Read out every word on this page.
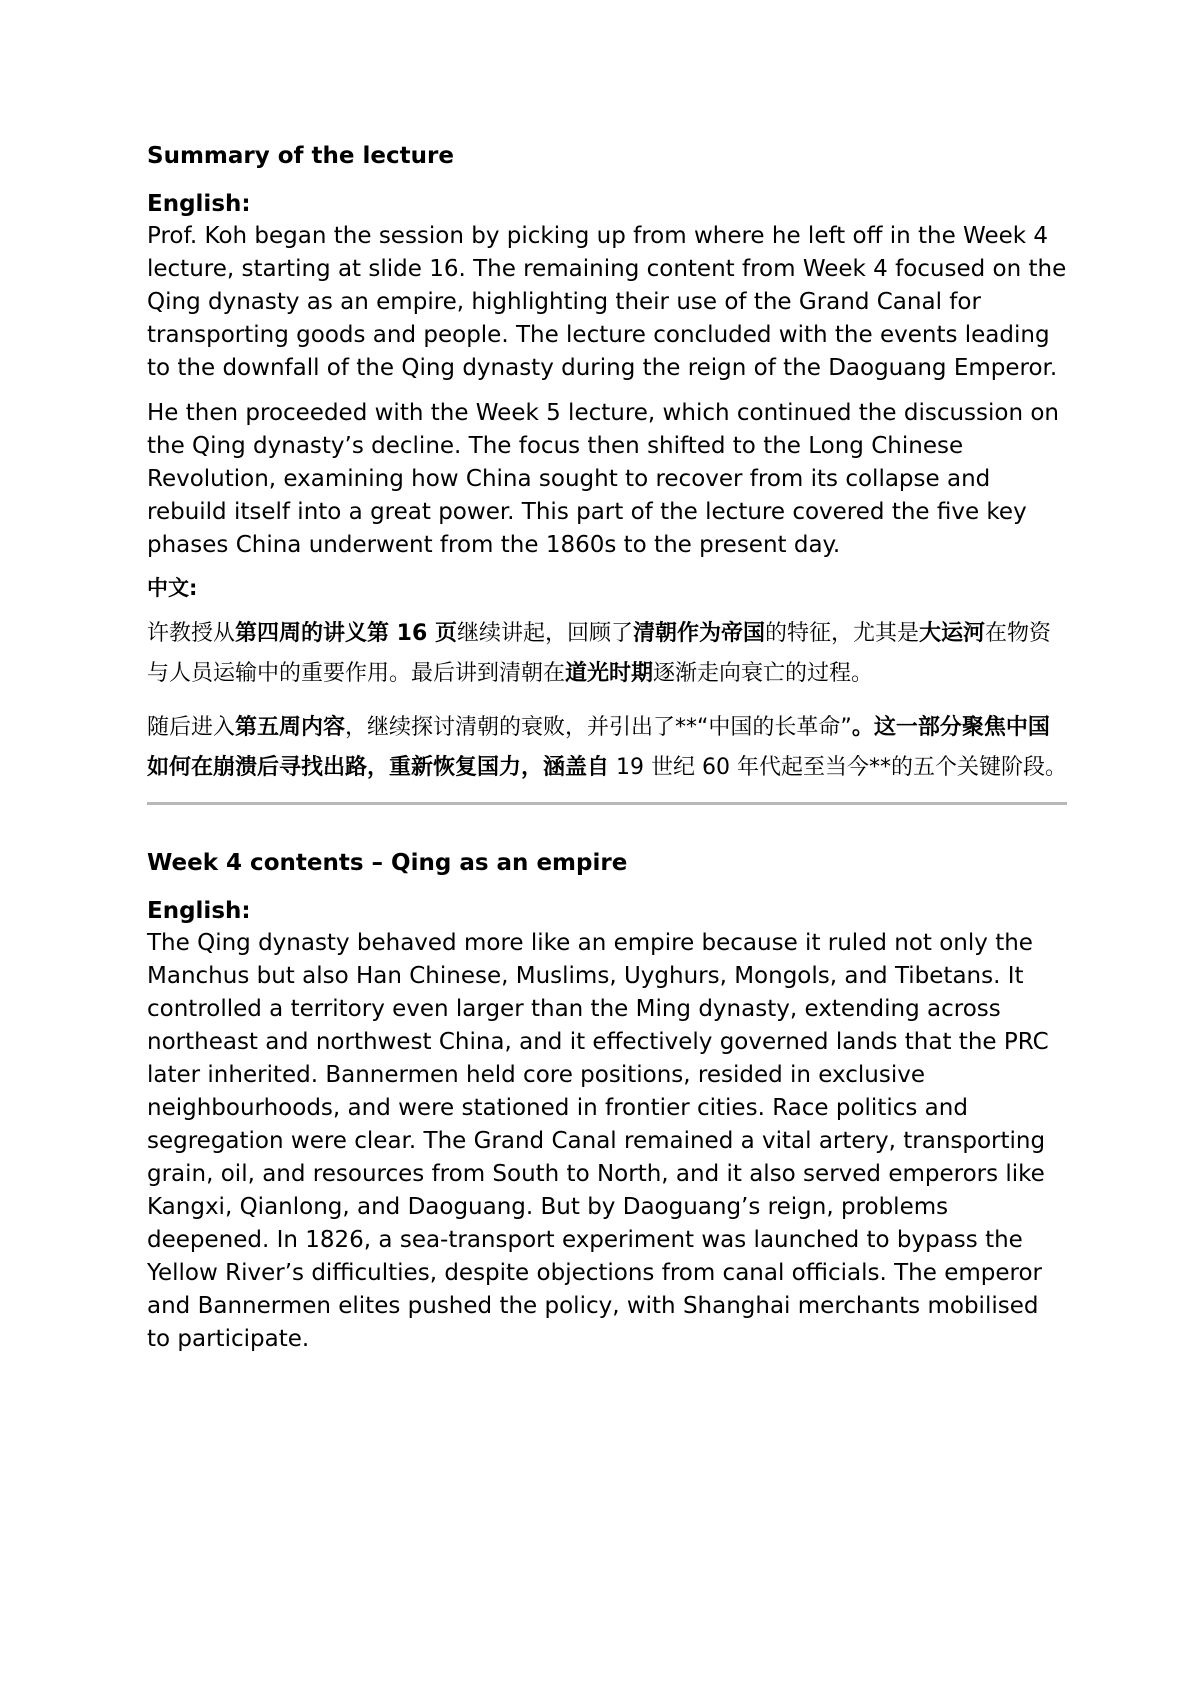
Summary of the lecture

English:

Prof. Koh began the session by picking up from where he left off in the Week 4 lecture, starting at slide 16. The remaining content from Week 4 focused on the Qing dynasty as an empire, highlighting their use of the Grand Canal for transporting goods and people. The lecture concluded with the events leading to the downfall of the Qing dynasty during the reign of the Daoguang Emperor.

He then proceeded with the Week 5 lecture, which continued the discussion on the Qing dynasty’s decline. The focus then shifted to the Long Chinese Revolution, examining how China sought to recover from its collapse and rebuild itself into a great power. This part of the lecture covered the five key phases China underwent from the 1860s to the present day.

中文:

许教授从第四周的讲义第 16 页继续讲起，回顾了清朝作为帝国的特征，尤其是大运河在物资与人员运输中的重要作用。最后讲到清朝在道光时期逐渐走向衰亡的过程。

随后进入第五周内容，继续探讨清朝的衰败，并引出了**“中国的长革命”。这一部分聚焦中国如何在崩溃后寻找出路，重新恢复国力，涵盖自 19 世纪 60 年代起至当今**的五个关键阶段。

Week 4 contents – Qing as an empire

English:

The Qing dynasty behaved more like an empire because it ruled not only the Manchus but also Han Chinese, Muslims, Uyghurs, Mongols, and Tibetans. It controlled a territory even larger than the Ming dynasty, extending across northeast and northwest China, and it effectively governed lands that the PRC later inherited. Bannermen held core positions, resided in exclusive neighbourhoods, and were stationed in frontier cities. Race politics and segregation were clear. The Grand Canal remained a vital artery, transporting grain, oil, and resources from South to North, and it also served emperors like Kangxi, Qianlong, and Daoguang. But by Daoguang’s reign, problems deepened. In 1826, a sea-transport experiment was launched to bypass the Yellow River’s difficulties, despite objections from canal officials. The emperor and Bannermen elites pushed the policy, with Shanghai merchants mobilised to participate.
